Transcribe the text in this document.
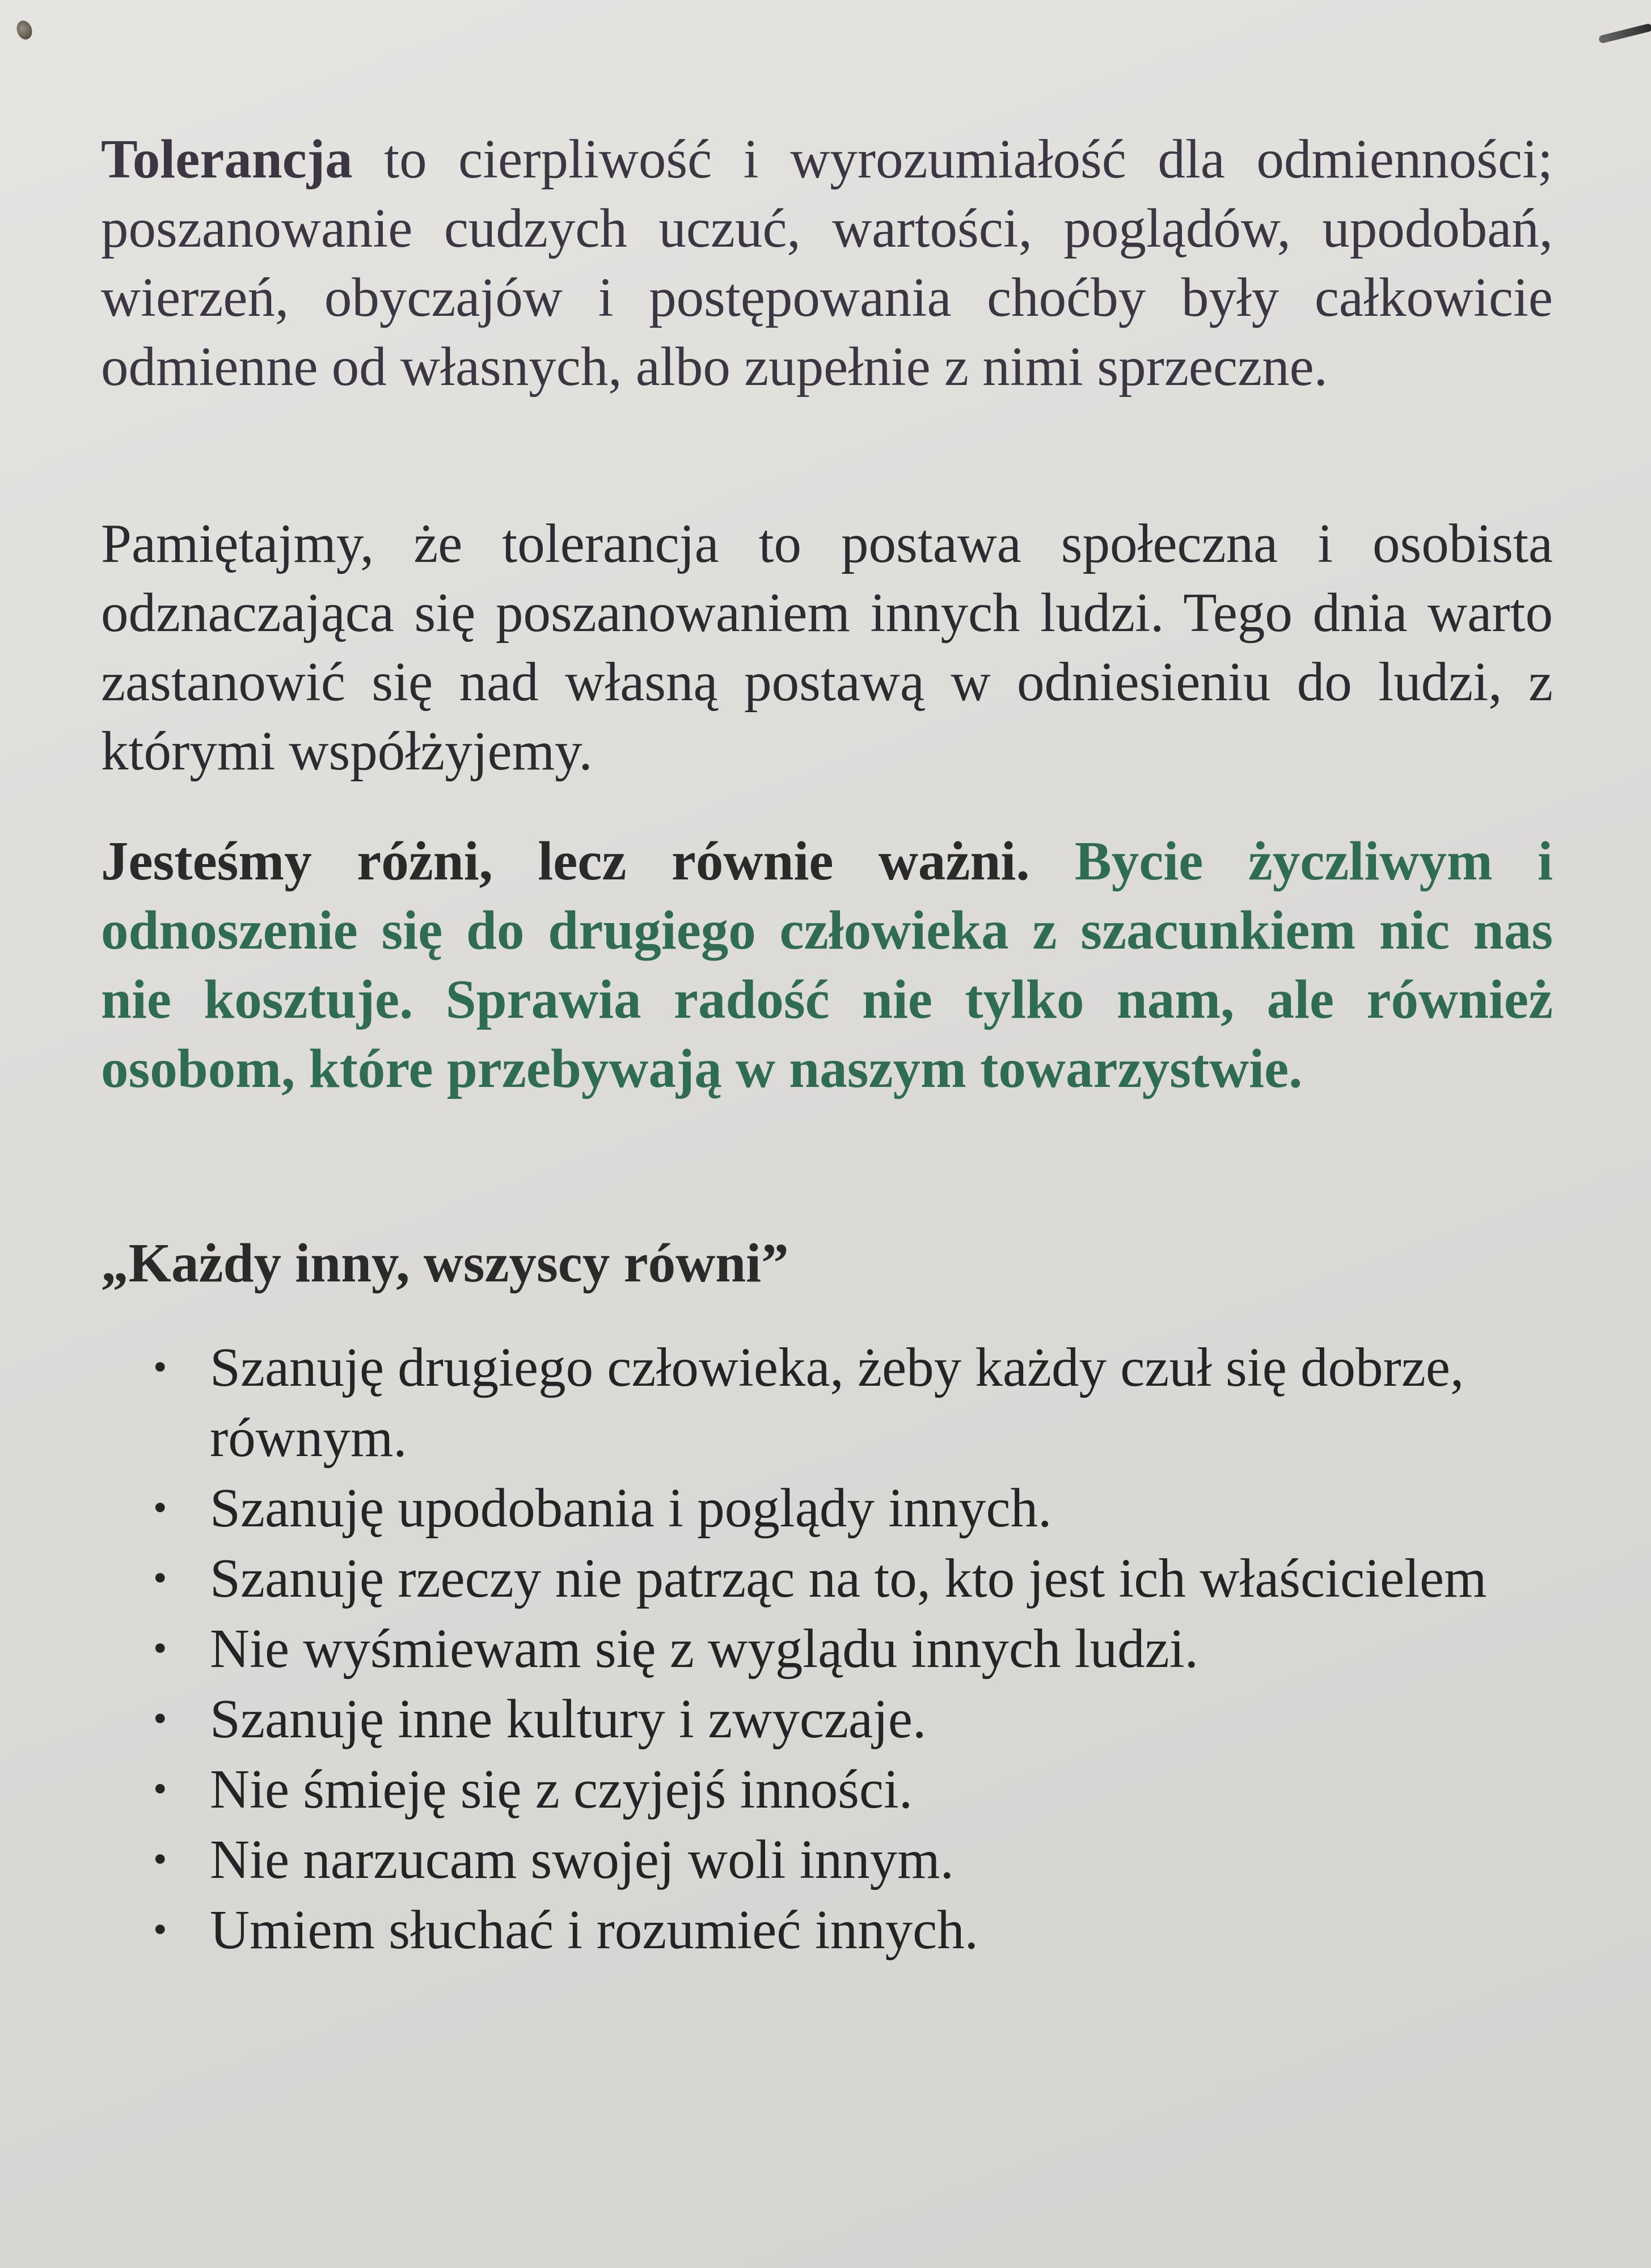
Tolerancja to cierpliwość i wyrozumiałość dla odmienności; poszanowanie cudzych uczuć, wartości, poglądów, upodobań, wierzeń, obyczajów i postępowania choćby były całkowicie odmienne od własnych, albo zupełnie z nimi sprzeczne.

Pamiętajmy, że tolerancja to postawa społeczna i osobista odznaczająca się poszanowaniem innych ludzi. Tego dnia warto zastanowić się nad własną postawą w odniesieniu do ludzi, z którymi współżyjemy.

Jesteśmy różni, lecz równie ważni. Bycie życzliwym i odnoszenie się do drugiego człowieka z szacunkiem nic nas nie kosztuje. Sprawia radość nie tylko nam, ale również osobom, które przebywają w naszym towarzystwie.

„Każdy inny, wszyscy równi”
• Szanuję drugiego człowieka, żeby każdy czuł się dobrze, równym.
• Szanuję upodobania i poglądy innych.
• Szanuję rzeczy nie patrząc na to, kto jest ich właścicielem
• Nie wyśmiewam się z wyglądu innych ludzi.
• Szanuję inne kultury i zwyczaje.
• Nie śmieję się z czyjejś inności.
• Nie narzucam swojej woli innym.
• Umiem słuchać i rozumieć innych.
